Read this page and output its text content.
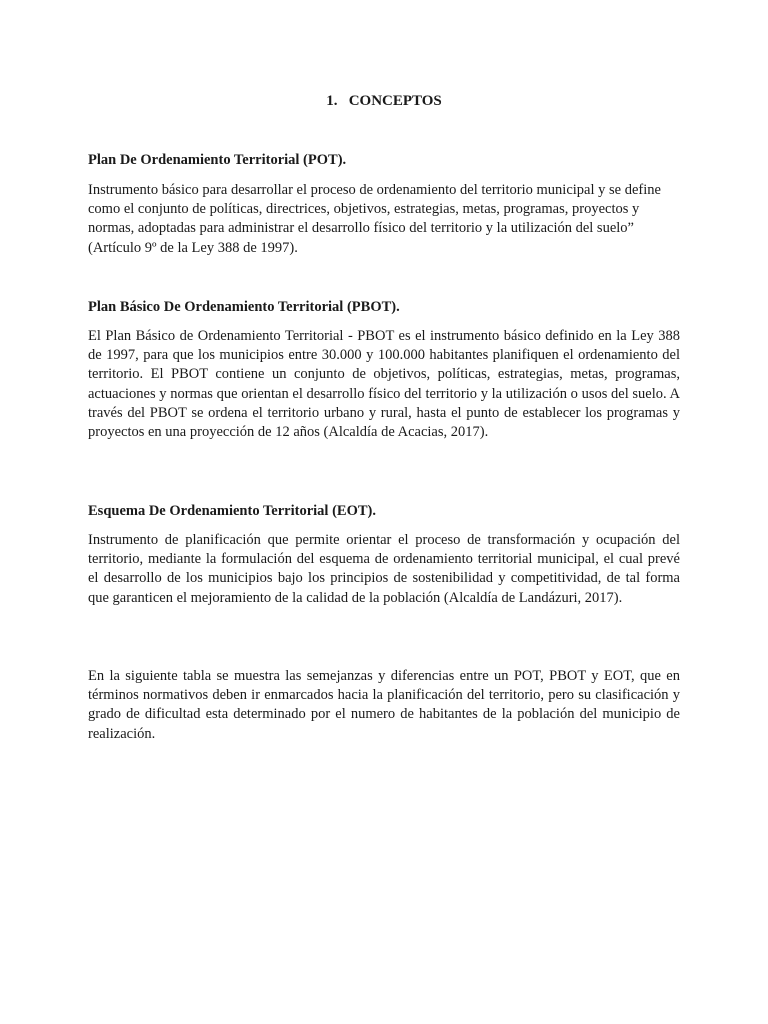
1. CONCEPTOS
Plan De Ordenamiento Territorial (POT).

Instrumento básico para desarrollar el proceso de ordenamiento del territorio municipal y se define como el conjunto de políticas, directrices, objetivos, estrategias, metas, programas, proyectos y normas, adoptadas para administrar el desarrollo físico del territorio y la utilización del suelo” (Artículo 9º de la Ley 388 de 1997).

Plan Básico De Ordenamiento Territorial (PBOT).

El Plan Básico de Ordenamiento Territorial - PBOT es el instrumento básico definido en la Ley 388 de 1997, para que los municipios entre 30.000 y 100.000 habitantes planifiquen el ordenamiento del territorio. El PBOT contiene un conjunto de objetivos, políticas, estrategias, metas, programas, actuaciones y normas que orientan el desarrollo físico del territorio y la utilización o usos del suelo. A través del PBOT se ordena el territorio urbano y rural, hasta el punto de establecer los programas y proyectos en una proyección de 12 años (Alcaldía de Acacias, 2017).

Esquema De Ordenamiento Territorial (EOT).

Instrumento de planificación que permite orientar el proceso de transformación y ocupación del territorio, mediante la formulación del esquema de ordenamiento territorial municipal, el cual prevé el desarrollo de los municipios bajo los principios de sostenibilidad y competitividad, de tal forma que garanticen el mejoramiento de la calidad de la población (Alcaldía de Landázuri, 2017).

En la siguiente tabla se muestra las semejanzas y diferencias entre un POT, PBOT y EOT, que en términos normativos deben ir enmarcados hacia la planificación del territorio, pero su clasificación y grado de dificultad esta determinado por el numero de habitantes de la población del municipio de realización.
